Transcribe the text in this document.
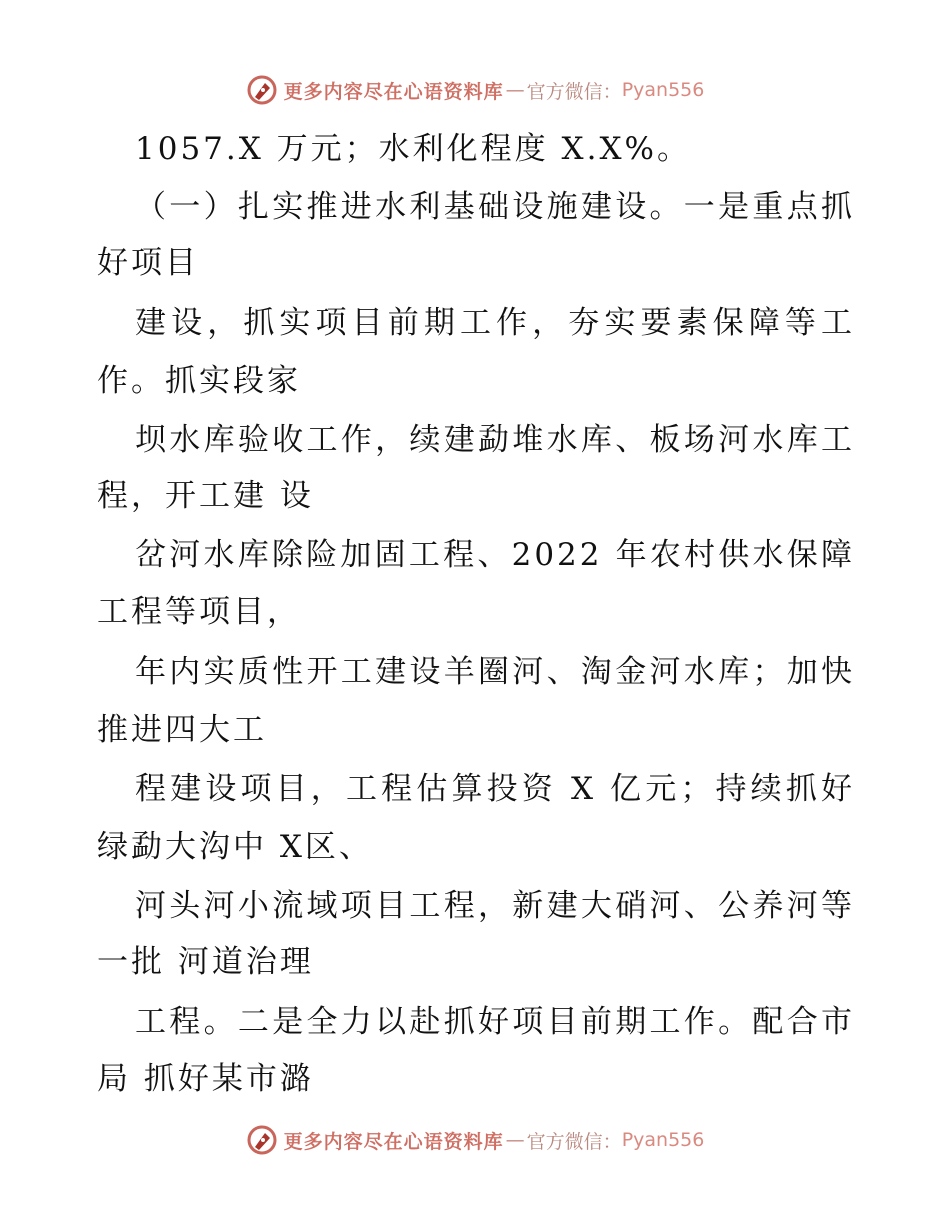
更多内容尽在心语资料库 — 官方微信： Pyan556
1057.X 万元；水利化程度 X.X%。
（一）扎实推进水利基础设施建设。一是重点抓
好项目
建设，抓实项目前期工作，夯实要素保障等工
作。抓实段家
坝水库验收工作，续建勐堆水库、板场河水库工
程，开工建 设
岔河水库除险加固工程、2022 年农村供水保障
工程等项目，
年内实质性开工建设羊圈河、淘金河水库；加快
推进四大工
程建设项目，工程估算投资 X 亿元；持续抓好
绿勐大沟中 X区、
河头河小流域项目工程，新建大硝河、公养河等
一批 河道治理
工程。二是全力以赴抓好项目前期工作。配合市
局 抓好某市潞
更多内容尽在心语资料库 — 官方微信： Pyan556
